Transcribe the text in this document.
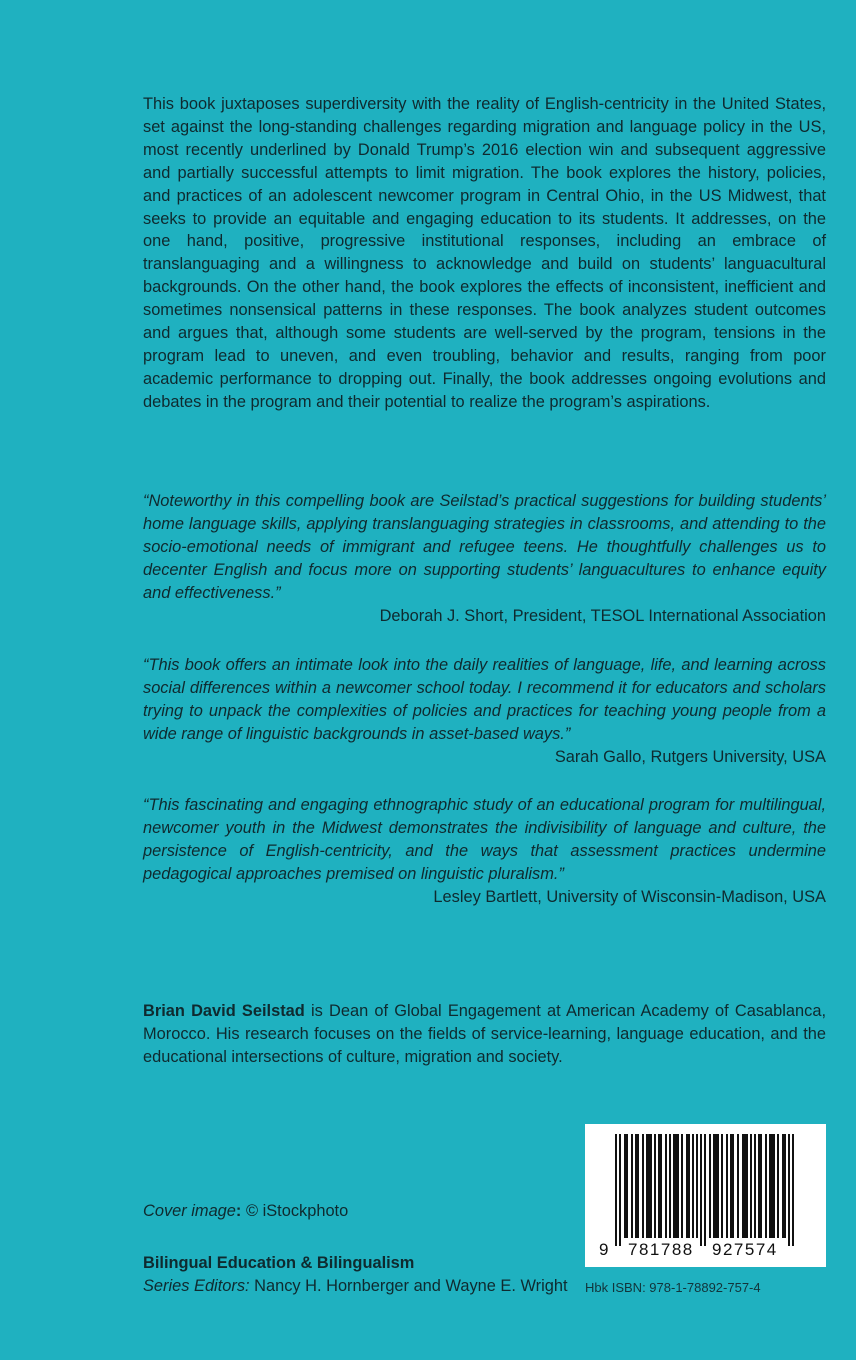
This book juxtaposes superdiversity with the reality of English-centricity in the United States, set against the long-standing challenges regarding migration and language policy in the US, most recently underlined by Donald Trump’s 2016 election win and subsequent aggressive and partially successful attempts to limit migration. The book explores the history, policies, and practices of an adolescent newcomer program in Central Ohio, in the US Midwest, that seeks to provide an equitable and engaging education to its students. It addresses, on the one hand, positive, progressive institutional responses, including an embrace of translanguaging and a willingness to acknowledge and build on students’ languacultural backgrounds. On the other hand, the book explores the effects of inconsistent, inefficient and sometimes nonsensical patterns in these responses. The book analyzes student outcomes and argues that, although some students are well-served by the program, tensions in the program lead to uneven, and even troubling, behavior and results, ranging from poor academic performance to dropping out. Finally, the book addresses ongoing evolutions and debates in the program and their potential to realize the program’s aspirations.

“Noteworthy in this compelling book are Seilstad’s practical suggestions for building students’ home language skills, applying translanguaging strategies in classrooms, and attending to the socio-emotional needs of immigrant and refugee teens. He thoughtfully challenges us to decenter English and focus more on supporting students’ languacultures to enhance equity and effectiveness.”

Deborah J. Short, President, TESOL International Association

“This book offers an intimate look into the daily realities of language, life, and learning across social differences within a newcomer school today. I recommend it for educators and scholars trying to unpack the complexities of policies and practices for teaching young people from a wide range of linguistic backgrounds in asset-based ways.”

Sarah Gallo, Rutgers University, USA

“This fascinating and engaging ethnographic study of an educational program for multilingual, newcomer youth in the Midwest demonstrates the indivisibility of language and culture, the persistence of English-centricity, and the ways that assessment practices undermine pedagogical approaches premised on linguistic pluralism.”

Lesley Bartlett, University of Wisconsin-Madison, USA

Brian David Seilstad is Dean of Global Engagement at American Academy of Casablanca, Morocco. His research focuses on the fields of service-learning, language education, and the educational intersections of culture, migration and society.

Cover image: © iStockphoto
Bilingual Education & Bilingualism
Series Editors: Nancy H. Hornberger and Wayne E. Wright
9 781788 927574
Hbk ISBN: 978-1-78892-757-4
